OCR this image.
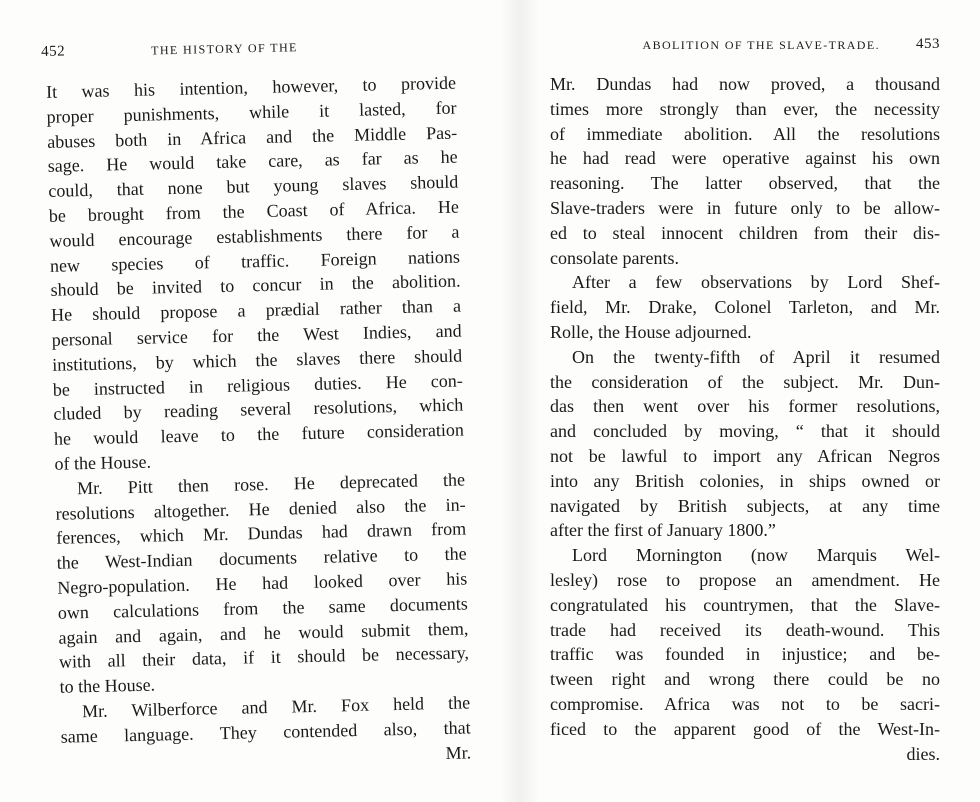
452	THE HISTORY OF THE
It was his intention, however, to provide
proper punishments, while it lasted, for
abuses both in Africa and the Middle Pas-
sage. He would take care, as far as he
could, that none but young slaves should
be brought from the Coast of Africa. He
would encourage establishments there for a
new species of traffic. Foreign nations
should be invited to concur in the abolition.
He should propose a prædial rather than a
personal service for the West Indies, and
institutions, by which the slaves there should
be instructed in religious duties. He con-
cluded by reading several resolutions, which
he would leave to the future consideration
of the House.
Mr. Pitt then rose. He deprecated the
resolutions altogether. He denied also the in-
ferences, which Mr. Dundas had drawn from
the West-Indian documents relative to the
Negro-population. He had looked over his
own calculations from the same documents
again and again, and he would submit them,
with all their data, if it should be necessary,
to the House.
Mr. Wilberforce and Mr. Fox held the
same language. They contended also, that
Mr.
ABOLITION OF THE SLAVE-TRADE. 453
Mr. Dundas had now proved, a thousand
times more strongly than ever, the necessity
of immediate abolition. All the resolutions
he had read were operative against his own
reasoning. The latter observed, that the
Slave-traders were in future only to be allow-
ed to steal innocent children from their dis-
consolate parents.
After a few observations by Lord Shef-
field, Mr. Drake, Colonel Tarleton, and Mr.
Rolle, the House adjourned.
On the twenty-fifth of April it resumed
the consideration of the subject. Mr. Dun-
das then went over his former resolutions,
and concluded by moving, “ that it should
not be lawful to import any African Negros
into any British colonies, in ships owned or
navigated by British subjects, at any time
after the first of January 1800.”
Lord Mornington (now Marquis Wel-
lesley) rose to propose an amendment. He
congratulated his countrymen, that the Slave-
trade had received its death-wound. This
traffic was founded in injustice; and be-
tween right and wrong there could be no
compromise. Africa was not to be sacri-
ficed to the apparent good of the West-In-
dies.
